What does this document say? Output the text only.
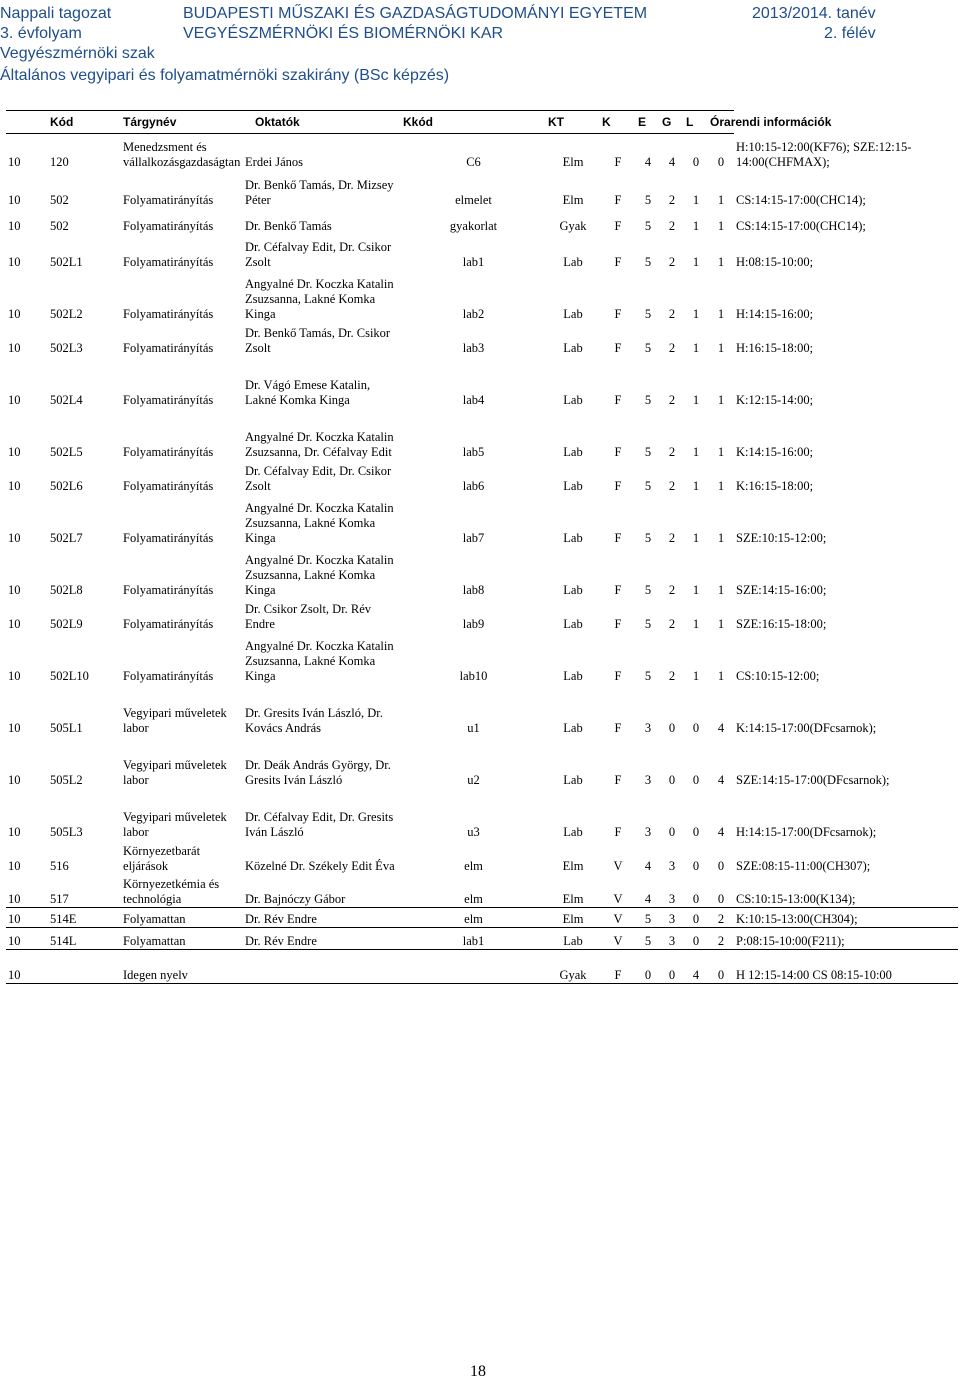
Nappali tagozat
3. évfolyam
Vegyészmérnöki szak
BUDAPESTI MŰSZAKI ÉS GAZDASÁGTUDOMÁNYI EGYETEM
VEGYÉSZMÉRNÖKI ÉS BIOMÉRNÖKI KAR
2013/2014. tanév
2. félév
Általános vegyipari és folyamatmérnöki szakirány (BSc képzés)
Kód		Tárgynév	Oktatók	Kkód	KT	K	E	G	L	Órarendi információk	
10	120		Menedzsment és vállalkozásgazdaságtan	Erdei János	C6	Elm	F	4	4	0	0	H:10:15-12:00(KF76); SZE:12:15-14:00(CHFMAX);
10	502		Folyamatirányítás	Dr. Benkő Tamás, Dr. Mizsey Péter	elmelet	Elm	F	5	2	1	1	CS:14:15-17:00(CHC14);
10	502		Folyamatirányítás	Dr. Benkő Tamás	gyakorlat	Gyak	F	5	2	1	1	CS:14:15-17:00(CHC14);
10	502L1		Folyamatirányítás	Dr. Céfalvay Edit, Dr. Csikor Zsolt	lab1	Lab	F	5	2	1	1	H:08:15-10:00;
10	502L2		Folyamatirányítás	Angyalné Dr. Koczka Katalin Zsuzsanna, Lakné Komka Kinga	lab2	Lab	F	5	2	1	1	H:14:15-16:00;
10	502L3		Folyamatirányítás	Dr. Benkő Tamás, Dr. Csikor Zsolt	lab3	Lab	F	5	2	1	1	H:16:15-18:00;
10	502L4		Folyamatirányítás	Dr. Vágó Emese Katalin, Lakné Komka Kinga	lab4	Lab	F	5	2	1	1	K:12:15-14:00;
10	502L5		Folyamatirányítás	Angyalné Dr. Koczka Katalin Zsuzsanna, Dr. Céfalvay Edit	lab5	Lab	F	5	2	1	1	K:14:15-16:00;
10	502L6		Folyamatirányítás	Dr. Céfalvay Edit, Dr. Csikor Zsolt	lab6	Lab	F	5	2	1	1	K:16:15-18:00;
10	502L7		Folyamatirányítás	Angyalné Dr. Koczka Katalin Zsuzsanna, Lakné Komka Kinga	lab7	Lab	F	5	2	1	1	SZE:10:15-12:00;
10	502L8		Folyamatirányítás	Angyalné Dr. Koczka Katalin Zsuzsanna, Lakné Komka Kinga	lab8	Lab	F	5	2	1	1	SZE:14:15-16:00;
10	502L9		Folyamatirányítás	Dr. Csikor Zsolt, Dr. Rév Endre	lab9	Lab	F	5	2	1	1	SZE:16:15-18:00;
10	502L10		Folyamatirányítás	Angyalné Dr. Koczka Katalin Zsuzsanna, Lakné Komka Kinga	lab10	Lab	F	5	2	1	1	CS:10:15-12:00;
10	505L1		Vegyipari műveletek labor	Dr. Gresits Iván László, Dr. Kovács András	u1	Lab	F	3	0	0	4	K:14:15-17:00(DFcsarnok);
10	505L2		Vegyipari műveletek labor	Dr. Deák András György, Dr. Gresits Iván László	u2	Lab	F	3	0	0	4	SZE:14:15-17:00(DFcsarnok);
10	505L3		Vegyipari műveletek labor	Dr. Céfalvay Edit, Dr. Gresits Iván László	u3	Lab	F	3	0	0	4	H:14:15-17:00(DFcsarnok);
10	516		Környezetbarát eljárások	Közelné Dr. Székely Edit Éva	elm	Elm	V	4	3	0	0	SZE:08:15-11:00(CH307);
10	517		Környezetkémia és technológia	Dr. Bajnóczy Gábor	elm	Elm	V	4	3	0	0	CS:10:15-13:00(K134);
10	514E		Folyamattan	Dr. Rév Endre	elm	Elm	V	5	3	0	2	K:10:15-13:00(CH304);
10	514L		Folyamattan	Dr. Rév Endre	lab1	Lab	V	5	3	0	2	P:08:15-10:00(F211);
10			Idegen nyelv			Gyak	F	0	0	4	0	H 12:15-14:00 CS 08:15-10:00
18
